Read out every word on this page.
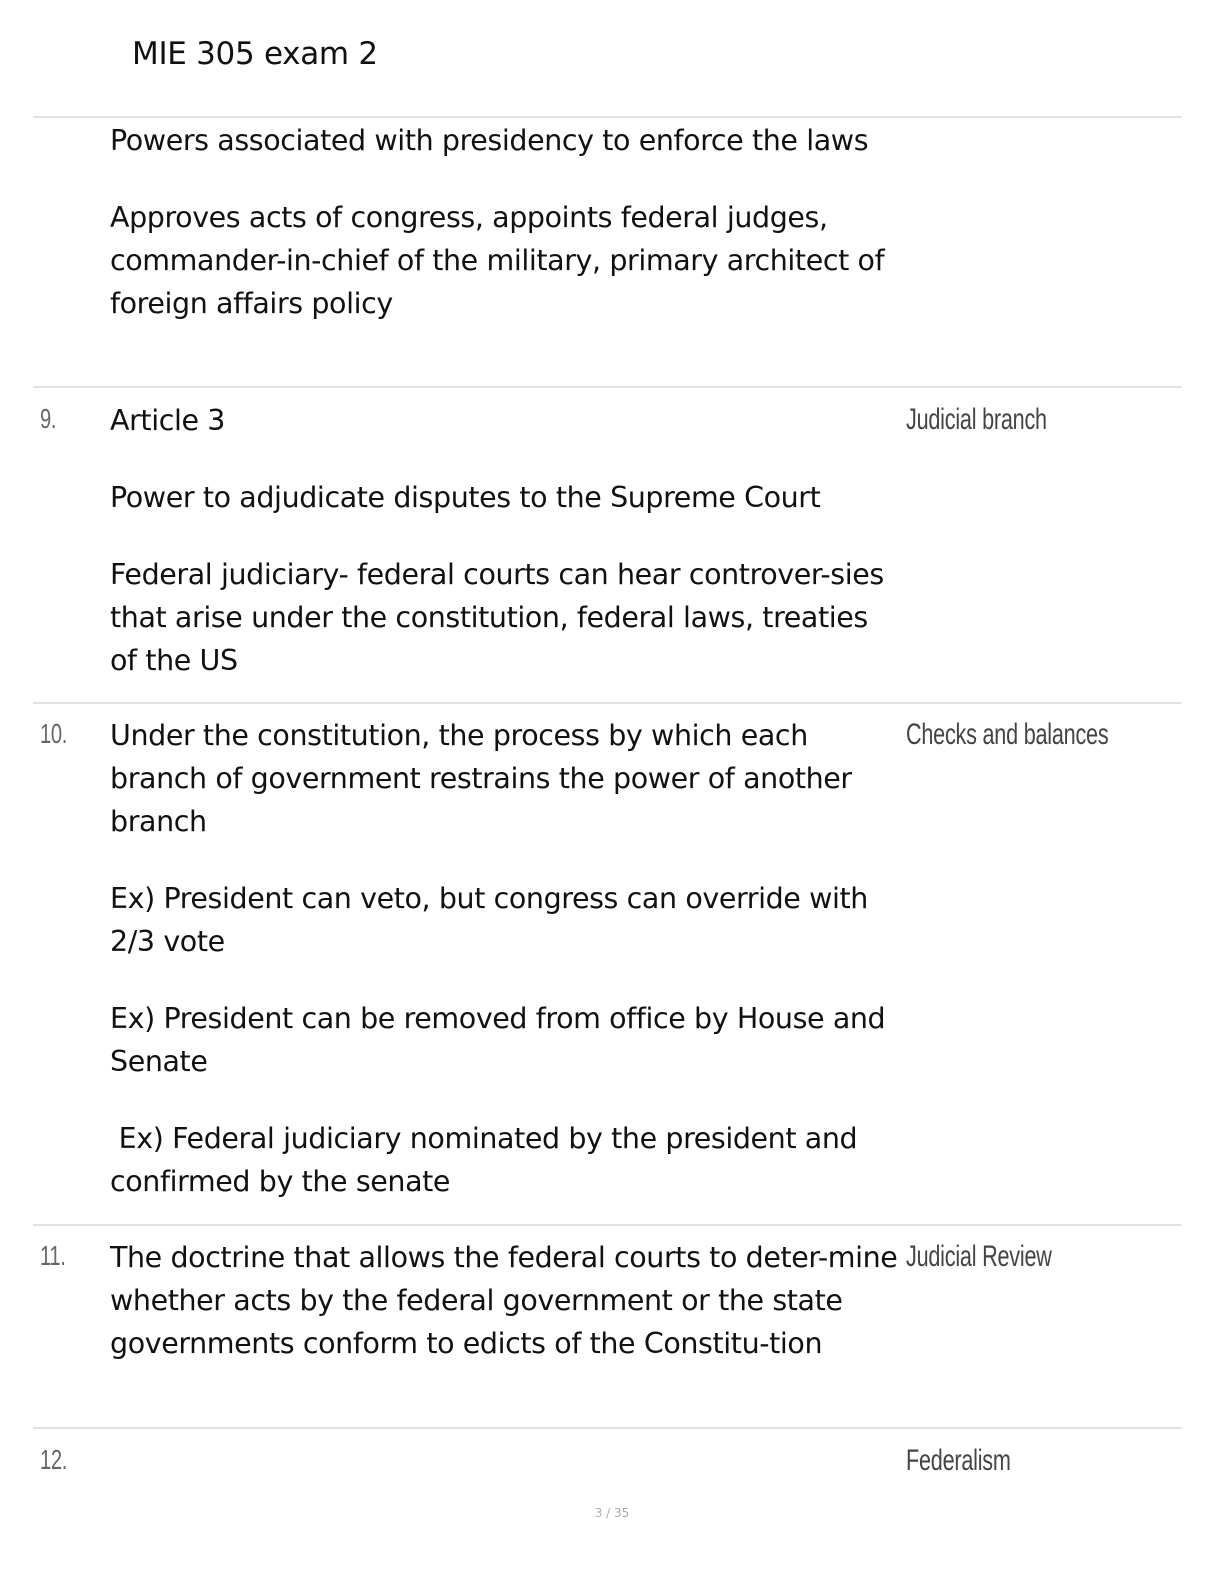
MIE 305 exam 2

Powers associated with presidency to enforce the laws

Approves acts of congress, appoints federal judges, commander-in-chief of the military, primary architect of foreign affairs policy

9. Article 3

Power to adjudicate disputes to the Supreme Court

Federal judiciary- federal courts can hear controver-sies that arise under the constitution, federal laws, treaties of the US

Judicial branch
10. Under the constitution, the process by which each branch of government restrains the power of another branch

Ex) President can veto, but congress can override with 2/3 vote

Ex) President can be removed from office by House and Senate

Ex) Federal judiciary nominated by the president and confirmed by the senate

Checks and balances
11. The doctrine that allows the federal courts to deter-mine whether acts by the federal government or the state governments conform to edicts of the Constitu-tion

Judicial Review
12.	Federalism
3 / 35
